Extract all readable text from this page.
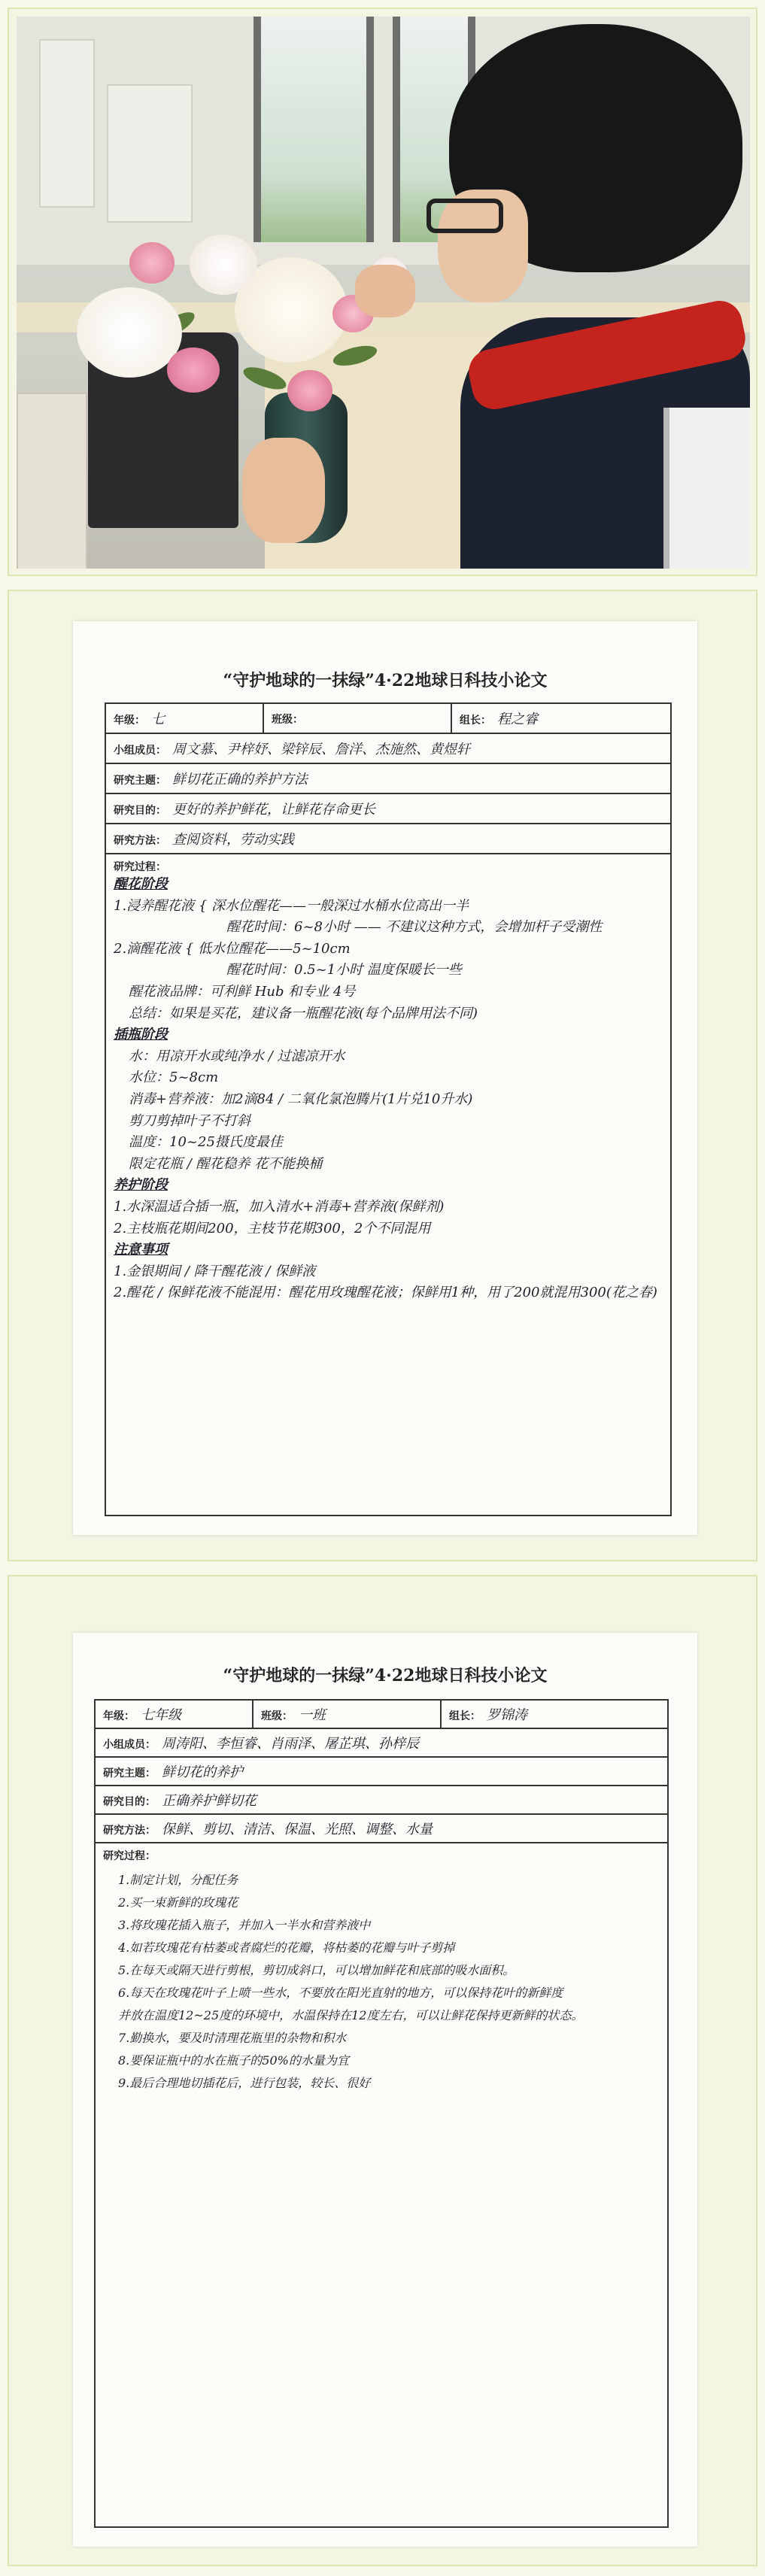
“守护地球的一抹绿”4·22地球日科技小论文
年级： 七	班级：	组长： 程之睿
小组成员： 周文慕、尹梓妤、梁锌辰、詹洋、杰施然、黄煜轩
研究主题： 鲜切花正确的养护方法
研究目的： 更好的养护鲜花，让鲜花存命更长
研究方法： 查阅资料，劳动实践

研究过程：
醒花阶段
1.浸养醒花液 { 深水位醒花——一般深过水桶水位高出一半
醒花时间：6~8小时 —— 不建议这种方式，会增加杆子受潮性
2.滴醒花液 { 低水位醒花——5~10cm
醒花时间：0.5~1小时 温度保暖长一些
醒花液品牌：可利鲜 Hub 和专业 4号
总结：如果是买花，建议备一瓶醒花液(每个品牌用法不同)
插瓶阶段
水：用凉开水或纯净水 / 过滤凉开水
水位：5~8cm
消毒+营养液：加2滴84 / 二氧化氯泡腾片(1片兑10升水)
剪刀剪掉叶子不打斜
温度：10~25摄氏度最佳
限定花瓶 / 醒花稳养 花不能换桶
养护阶段
1.水深温适合插一瓶，加入清水+消毒+营养液(保鲜剂)
2.主枝瓶花期间200，主枝节花期300，2个不同混用
注意事项
1.金银期间 / 降干醒花液 / 保鲜液
2.醒花 / 保鲜花液不能混用：醒花用玫瑰醒花液；保鲜用1种，用了200就混用300(花之春)
“守护地球的一抹绿”4·22地球日科技小论文
年级： 七年级	班级： 一班	组长： 罗锦涛
小组成员： 周涛阳、李恒睿、肖雨泽、屠芷琪、孙梓辰
研究主题： 鲜切花的养护
研究目的： 正确养护鲜切花
研究方法： 保鲜、剪切、清洁、保温、光照、调整、水量

研究过程：
1.制定计划，分配任务
2.买一束新鲜的玫瑰花
3.将玫瑰花插入瓶子，并加入一半水和营养液中
4.如若玫瑰花有枯萎或者腐烂的花瓣，将枯萎的花瓣与叶子剪掉
5.在每天或隔天进行剪根，剪切成斜口，可以增加鲜花和底部的吸水面积。
6.每天在玫瑰花叶子上喷一些水，不要放在阳光直射的地方，可以保持花叶的新鲜度
并放在温度12~25度的环境中，水温保持在12度左右，可以让鲜花保持更新鲜的状态。
7.勤换水，要及时清理花瓶里的杂物和积水
8.要保证瓶中的水在瓶子的50%的水量为宜
9.最后合理地切插花后，进行包装，较长、很好
